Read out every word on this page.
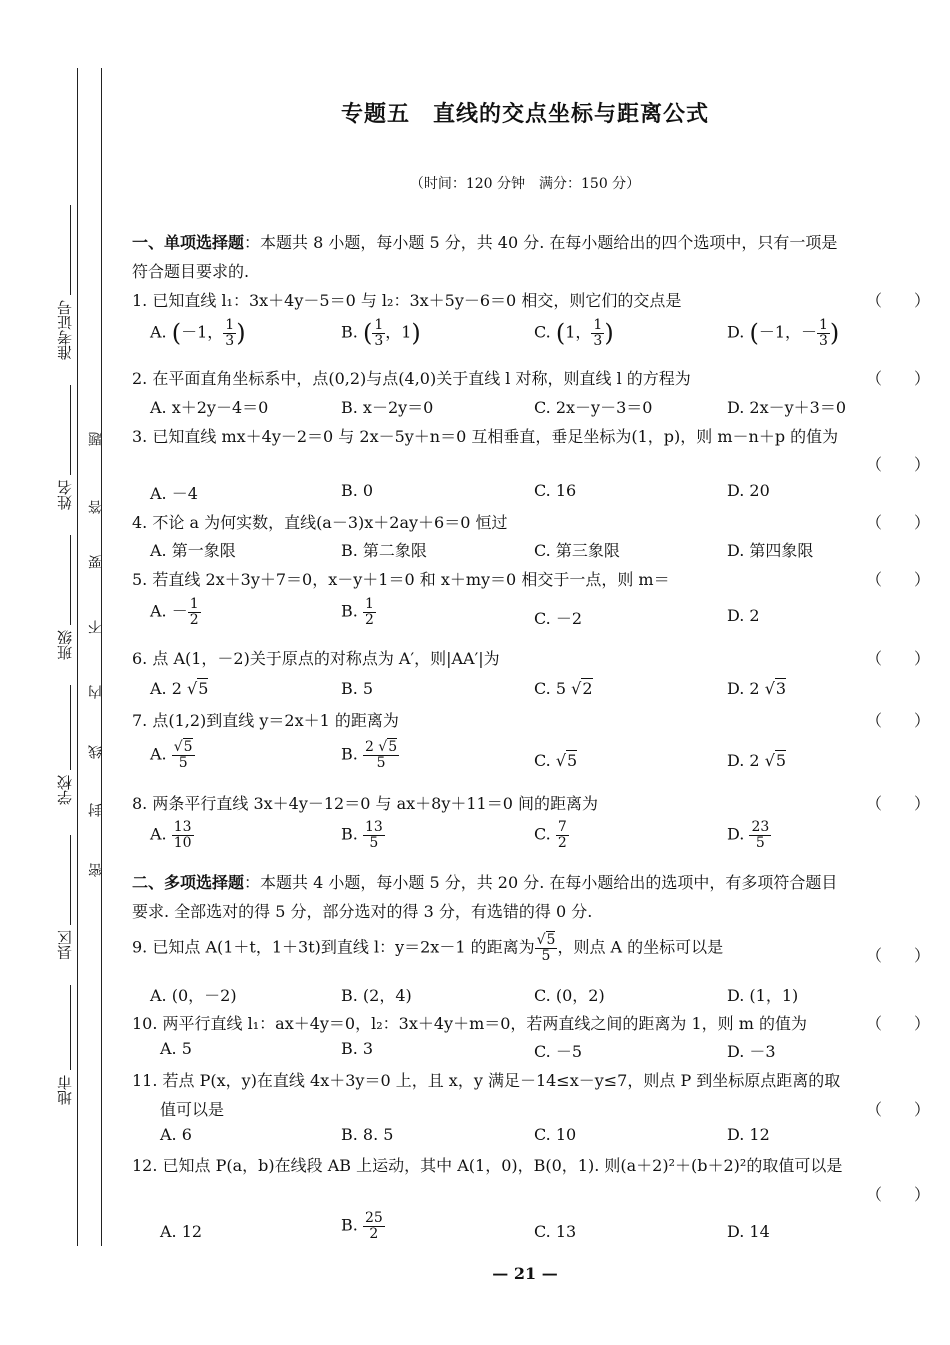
准考证号
姓名
班级
学校
县区
地市
题
答
要
不
内
线
封
密
专题五　直线的交点坐标与距离公式
（时间：120 分钟　满分：150 分）
一、单项选择题：本题共 8 小题，每小题 5 分，共 40 分. 在每小题给出的四个选项中，只有一项是
符合题目要求的.
1. 已知直线 l₁：3x＋4y－5＝0 与 l₂：3x＋5y－6＝0 相交，则它们的交点是	（　　）
A. (－1， $\frac{1}{3}$ )	B. ( $\frac{1}{3}$ ，1)	C. (1， $\frac{1}{3}$ )	D. (－1，－ $\frac{1}{3}$ )
2. 在平面直角坐标系中，点(0,2)与点(4,0)关于直线 l 对称，则直线 l 的方程为	（　　）
A. x＋2y－4＝0	B. x－2y＝0	C. 2x－y－3＝0	D. 2x－y＋3＝0
3. 已知直线 mx＋4y－2＝0 与 2x－5y＋n＝0 互相垂直，垂足坐标为(1，p)，则 m－n＋p 的值为
（　　）
A. －4	B. 0	C. 16	D. 20
4. 不论 a 为何实数，直线(a－3)x＋2ay＋6＝0 恒过	（　　）
A. 第一象限	B. 第二象限	C. 第三象限	D. 第四象限
5. 若直线 2x＋3y＋7＝0，x－y＋1＝0 和 x＋my＝0 相交于一点，则 m＝	（　　）
A. － $\frac{1}{2}$	B. $\frac{1}{2}$	C. －2	D. 2
6. 点 A(1，－2)关于原点的对称点为 A′，则|AA′|为	（　　）
A. 2 √5	B. 5	C. 5 √2	D. 2 √3
7. 点(1,2)到直线 y＝2x＋1 的距离为	（　　）
A. $\frac{√5}{5}$	B. $\frac{2 √5}{5}$	C. √5	D. 2 √5
8. 两条平行直线 3x＋4y－12＝0 与 ax＋8y＋11＝0 间的距离为	（　　）
A. $\frac{13}{10}$	B. $\frac{13}{5}$	C. $\frac{7}{2}$	D. $\frac{23}{5}$
二、多项选择题：本题共 4 小题，每小题 5 分，共 20 分. 在每小题给出的选项中，有多项符合题目
要求. 全部选对的得 5 分，部分选对的得 3 分，有选错的得 0 分.
9. 已知点 A(1＋t，1＋3t)到直线 l：y＝2x－1 的距离为 $\frac{√5}{5}$ ，则点 A 的坐标可以是	（　　）
A. (0，－2)	B. (2，4)	C. (0，2)	D. (1，1)
10. 两平行直线 l₁：ax＋4y＝0，l₂：3x＋4y＋m＝0，若两直线之间的距离为 1，则 m 的值为	（　　）
A. 5	B. 3	C. －5	D. －3
11. 若点 P(x，y)在直线 4x＋3y＝0 上，且 x，y 满足－14≤x－y≤7，则点 P 到坐标原点距离的取
值可以是	（　　）
A. 6	B. 8. 5	C. 10	D. 12
12. 已知点 P(a，b)在线段 AB 上运动，其中 A(1，0)，B(0，1). 则(a＋2)²＋(b＋2)²的取值可以是
（　　）
A. 12	B. $\frac{25}{2}$	C. 13	D. 14
— 21 —
